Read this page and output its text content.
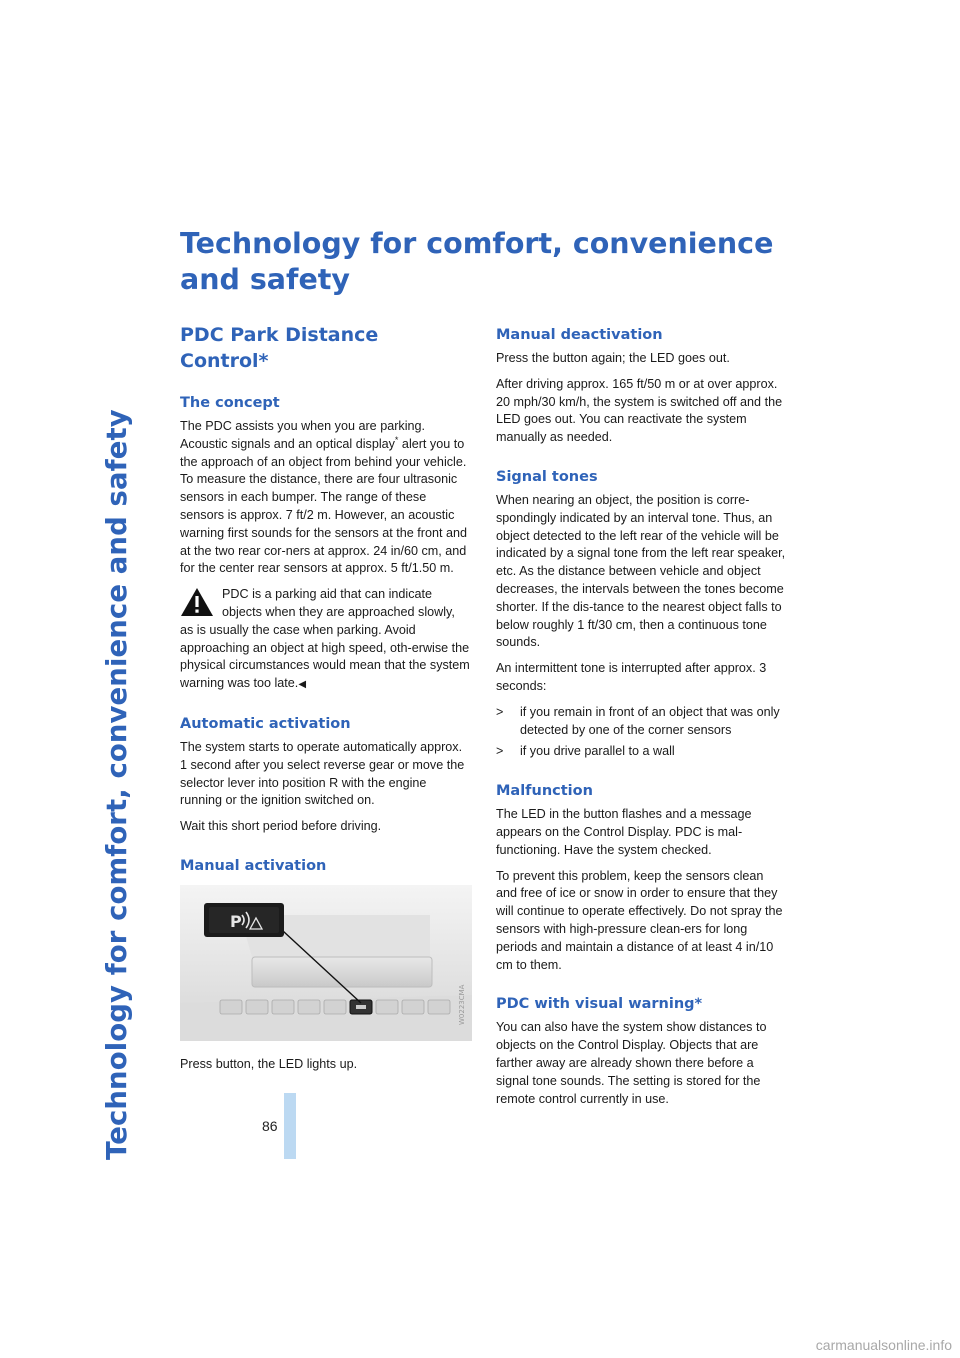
Technology for comfort, convenience and safety
Technology for comfort, convenience and safety
PDC Park Distance Control*
The concept

The PDC assists you when you are parking. Acoustic signals and an optical display* alert you to the approach of an object from behind your vehicle. To measure the distance, there are four ultrasonic sensors in each bumper. The range of these sensors is approx. 7 ft/2 m. However, an acoustic warning first sounds for the sensors at the front and at the two rear cor-ners at approx. 24 in/60 cm, and for the center rear sensors at approx. 5 ft/1.50 m.

PDC is a parking aid that can indicate objects when they are approached slowly, as is usually the case when parking. Avoid approaching an object at high speed, oth-erwise the physical circumstances would mean that the system warning was too late.◀

Automatic activation

The system starts to operate automatically approx. 1 second after you select reverse gear or move the selector lever into position R with the engine running or the ignition switched on.

Wait this short period before driving.

Manual activation
P
W0223CMA

Press button, the LED lights up.

Manual deactivation

Press the button again; the LED goes out.

After driving approx. 165 ft/50 m or at over approx. 20 mph/30 km/h, the system is switched off and the LED goes out. You can reactivate the system manually as needed.

Signal tones

When nearing an object, the position is corre-spondingly indicated by an interval tone. Thus, an object detected to the left rear of the vehicle will be indicated by a signal tone from the left rear speaker, etc. As the distance between vehicle and object decreases, the intervals between the tones become shorter. If the dis-tance to the nearest object falls to below roughly 1 ft/30 cm, then a continuous tone sounds.

An intermittent tone is interrupted after approx. 3 seconds:

> if you remain in front of an object that was only detected by one of the corner sensors
> if you drive parallel to a wall
Malfunction

The LED in the button flashes and a message appears on the Control Display. PDC is mal-functioning. Have the system checked.

To prevent this problem, keep the sensors clean and free of ice or snow in order to ensure that they will continue to operate effectively. Do not spray the sensors with high-pressure clean-ers for long periods and maintain a distance of at least 4 in/10 cm to them.

PDC with visual warning*

You can also have the system show distances to objects on the Control Display. Objects that are farther away are already shown there before a signal tone sounds. The setting is stored for the remote control currently in use.

86
carmanualsonline.info
